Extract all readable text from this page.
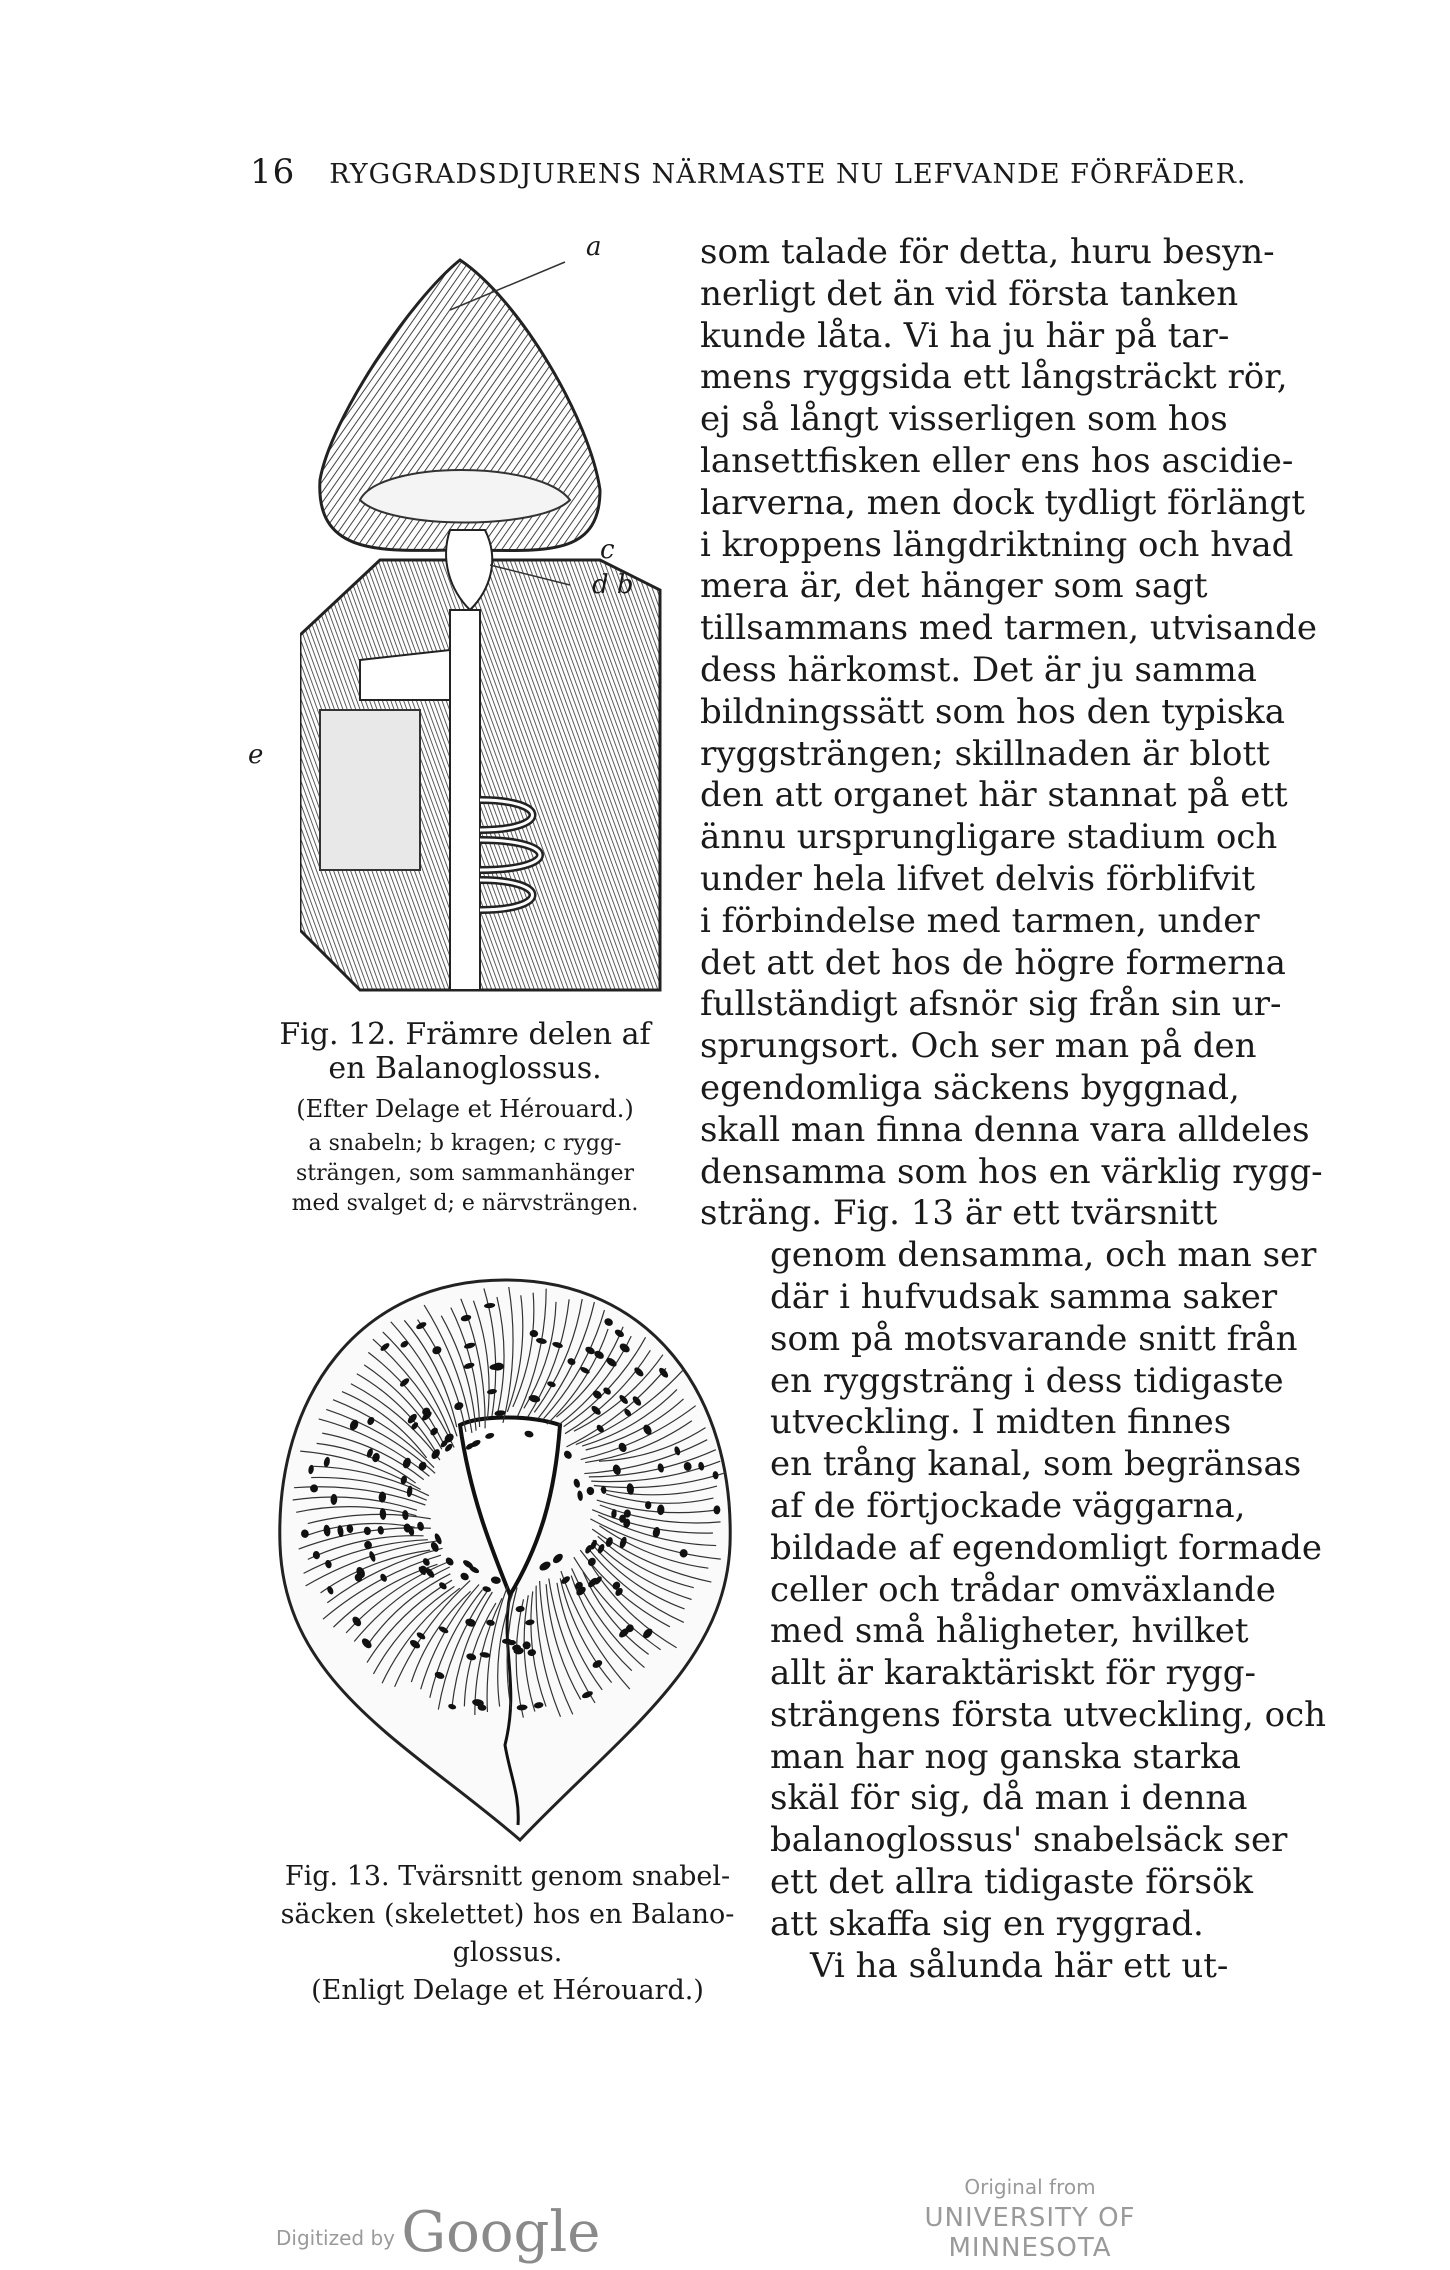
16 RYGGRADSDJURENS NÄRMASTE NU LEFVANDE FÖRFÄDER.
a
c
d b
e
Fig. 12. Främre delen af
en Balanoglossus.
(Efter Delage et Hérouard.)
a snabeln; b kragen; c rygg-
strängen, som sammanhänger
med svalget d; e närvsträngen.
Fig. 13. Tvärsnitt genom snabel-
säcken (skelettet) hos en Balano-
glossus.
(Enligt Delage et Hérouard.)
som talade för detta, huru besyn-
nerligt det än vid första tanken
kunde låta. Vi ha ju här på tar-
mens ryggsida ett långsträckt rör,
ej så långt visserligen som hos
lansettfisken eller ens hos ascidie-
larverna, men dock tydligt förlängt
i kroppens längdriktning och hvad
mera är, det hänger som sagt
tillsammans med tarmen, utvisande
dess härkomst. Det är ju samma
bildningssätt som hos den typiska
ryggsträngen; skillnaden är blott
den att organet här stannat på ett
ännu ursprungligare stadium och
under hela lifvet delvis förblifvit
i förbindelse med tarmen, under
det att det hos de högre formerna
fullständigt afsnör sig från sin ur-
sprungsort. Och ser man på den
egendomliga säckens byggnad,
skall man finna denna vara alldeles
densamma som hos en värklig rygg-
sträng. Fig. 13 är ett tvärsnitt
genom densamma, och man ser
där i hufvudsak samma saker
som på motsvarande snitt från
en ryggsträng i dess tidigaste
utveckling. I midten finnes
en trång kanal, som begränsas
af de förtjockade väggarna,
bildade af egendomligt formade
celler och trådar omväxlande
med små håligheter, hvilket
allt är karaktäriskt för rygg-
strängens första utveckling, och
man har nog ganska starka
skäl för sig, då man i denna
balanoglossus' snabelsäck ser
ett det allra tidigaste försök
att skaffa sig en ryggrad.
Vi ha sålunda här ett ut-
Digitized by Google
Original from
UNIVERSITY OF MINNESOTA
